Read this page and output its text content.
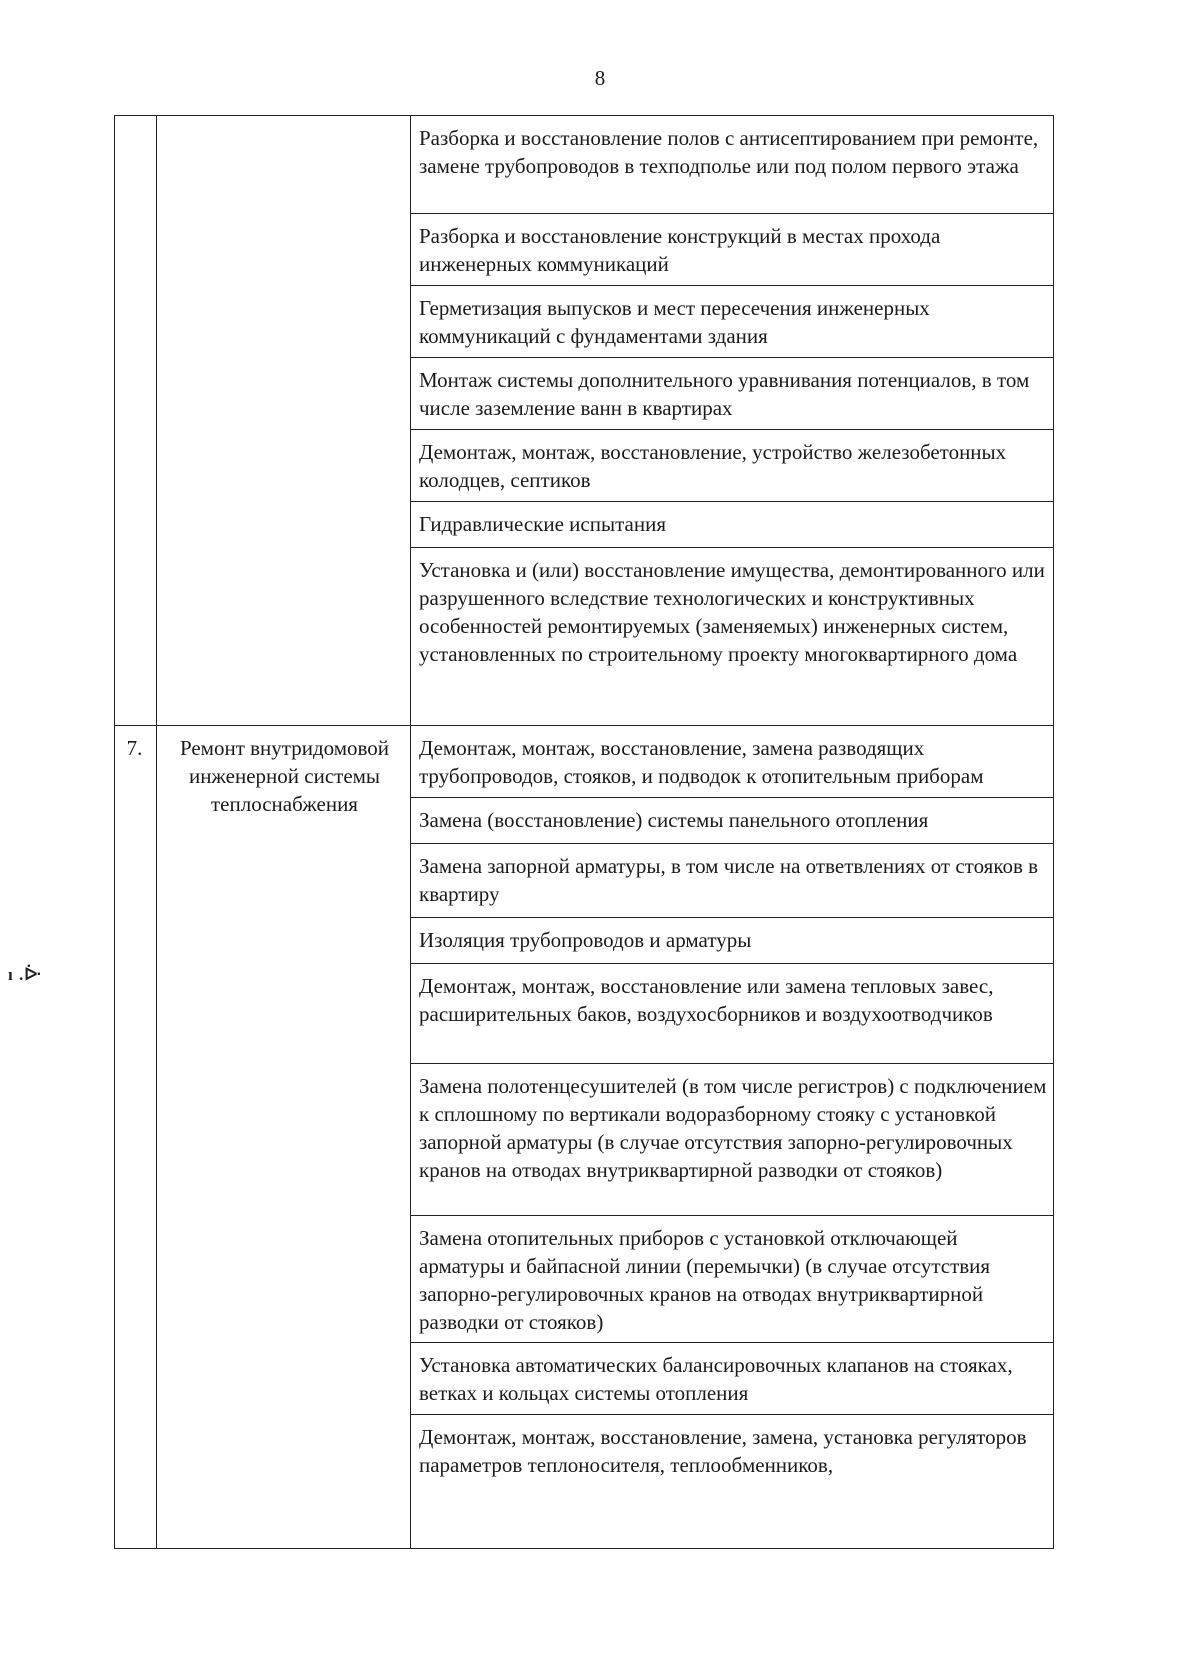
8
ı .ᐕ
		Разборка и восстановление полов с антисептированием при ремонте, замене трубопроводов в техподполье или под полом первого этажа
		Разборка и восстановление конструкций в местах прохода инженерных коммуникаций
		Герметизация выпусков и мест пересечения инженерных коммуникаций с фундаментами здания
		Монтаж системы дополнительного уравнивания потенциалов, в том числе заземление ванн в квартирах
		Демонтаж, монтаж, восстановление, устройство железобетонных колодцев, септиков
		Гидравлические испытания
		Установка и (или) восстановление имущества, демонтированного или разрушенного вследствие технологических и конструктивных особенностей ремонтируемых (заменяемых) инженерных систем, установленных по строительному проекту многоквартирного дома
7.	Ремонт внутридомовой инженерной системы теплоснабжения	Демонтаж, монтаж, восстановление, замена разводящих трубопроводов, стояков, и подводок к отопительным приборам
		Замена (восстановление) системы панельного отопления
		Замена запорной арматуры, в том числе на ответвлениях от стояков в квартиру
		Изоляция трубопроводов и арматуры
		Демонтаж, монтаж, восстановление или замена тепловых завес, расширительных баков, воздухосборников и воздухоотводчиков
		Замена полотенцесушителей (в том числе регистров) с подключением к сплошному по вертикали водоразборному стояку с установкой запорной арматуры (в случае отсутствия запорно-регулировочных кранов на отводах внутриквартирной разводки от стояков)
		Замена отопительных приборов с установкой отключающей арматуры и байпасной линии (перемычки) (в случае отсутствия запорно-регулировочных кранов на отводах внутриквартирной разводки от стояков)
		Установка автоматических балансировочных клапанов на стояках, ветках и кольцах системы отопления
		Демонтаж, монтаж, восстановление, замена, установка регуляторов параметров теплоносителя, теплообменников,
